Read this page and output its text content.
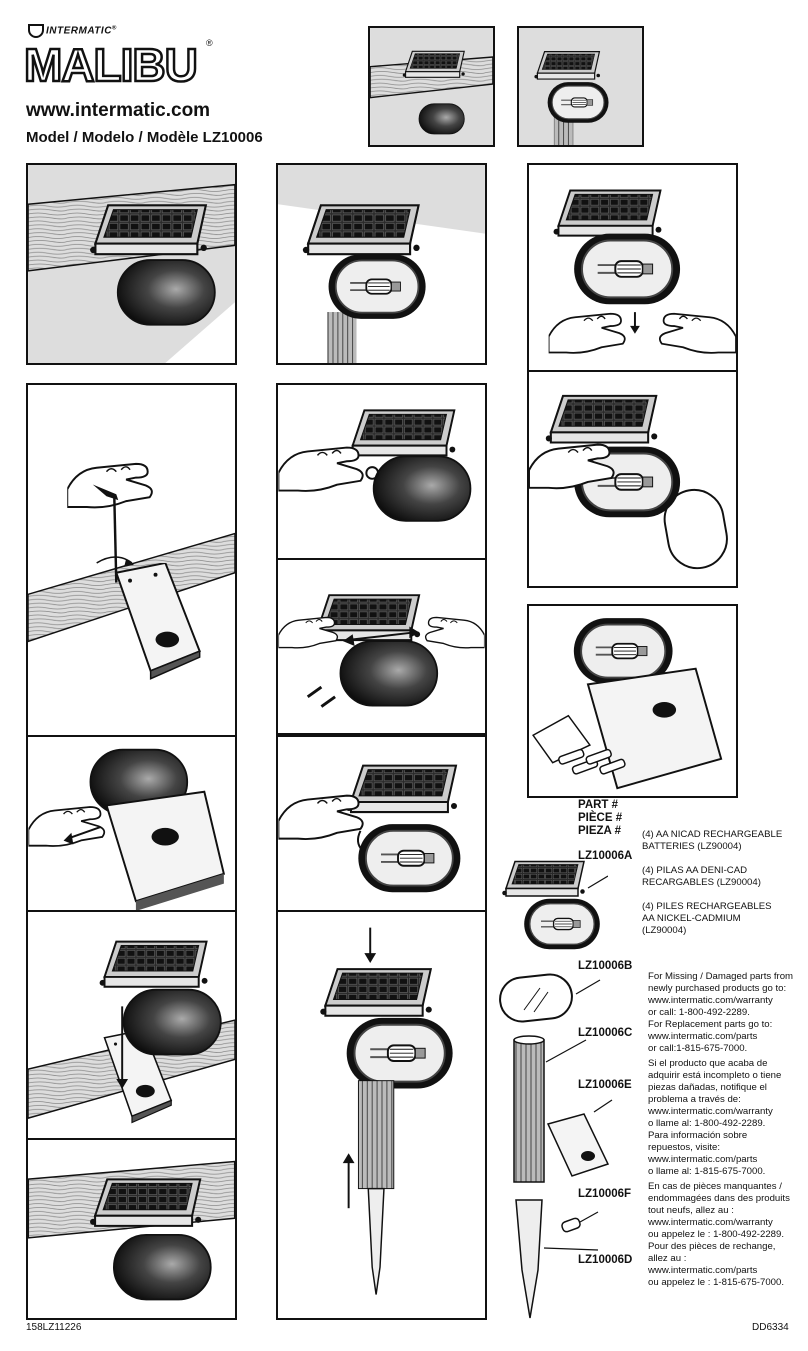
INTERMATIC®
MALIBU ®
www.intermatic.com
Model / Modelo / Modèle LZ10006
PART #
PIÈCE #
PIEZA # (4) AA NICAD RECHARGEABLE
BATTERIES (LZ90004)
(4) PILAS AA DENI-CAD
RECARGABLES (LZ90004)
(4) PILES RECHARGEABLES
AA NICKEL-CADMIUM
(LZ90004)
LZ10006A
LZ10006B
LZ10006C
LZ10006E
LZ10006F
LZ10006D
For Missing / Damaged parts from
newly purchased products go to:
www.intermatic.com/warranty
or call: 1-800-492-2289.
For Replacement parts go to:
www.intermatic.com/parts
or call:1-815-675-7000.
Si el producto que acaba de
adquirir está incompleto o tiene
piezas dañadas, notifique el
problema a través de:
www.intermatic.com/warranty
o llame al: 1-800-492-2289.
Para información sobre
repuestos, visite:
www.intermatic.com/parts
o llame al: 1-815-675-7000.
En cas de pièces manquantes /
endommagées dans des produits
tout neufs, allez au :
www.intermatic.com/warranty
ou appelez le : 1-800-492-2289.
Pour des pièces de rechange,
allez au :
www.intermatic.com/parts
ou appelez le : 1-815-675-7000.
158LZ11226	DD6334
